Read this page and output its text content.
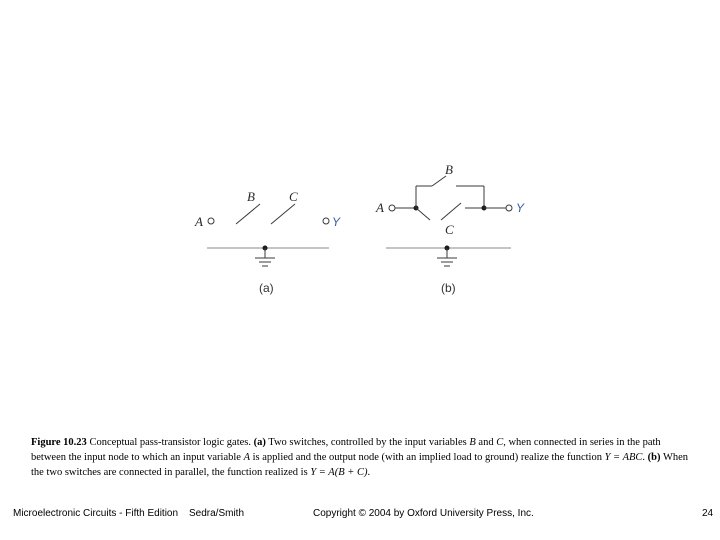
A
B	C
Y
(a)
A
B
C
Y
(b)
Figure 10.23 Conceptual pass-transistor logic gates. (a) Two switches, controlled by the input variables B and C, when connected in series in the path between the input node to which an input variable A is applied and the output node (with an implied load to ground) realize the function Y = ABC. (b) When the two switches are connected in parallel, the function realized is Y = A(B + C).
Microelectronic Circuits - Fifth Edition Sedra/Smith	Copyright © 2004 by Oxford University Press, Inc.	24
